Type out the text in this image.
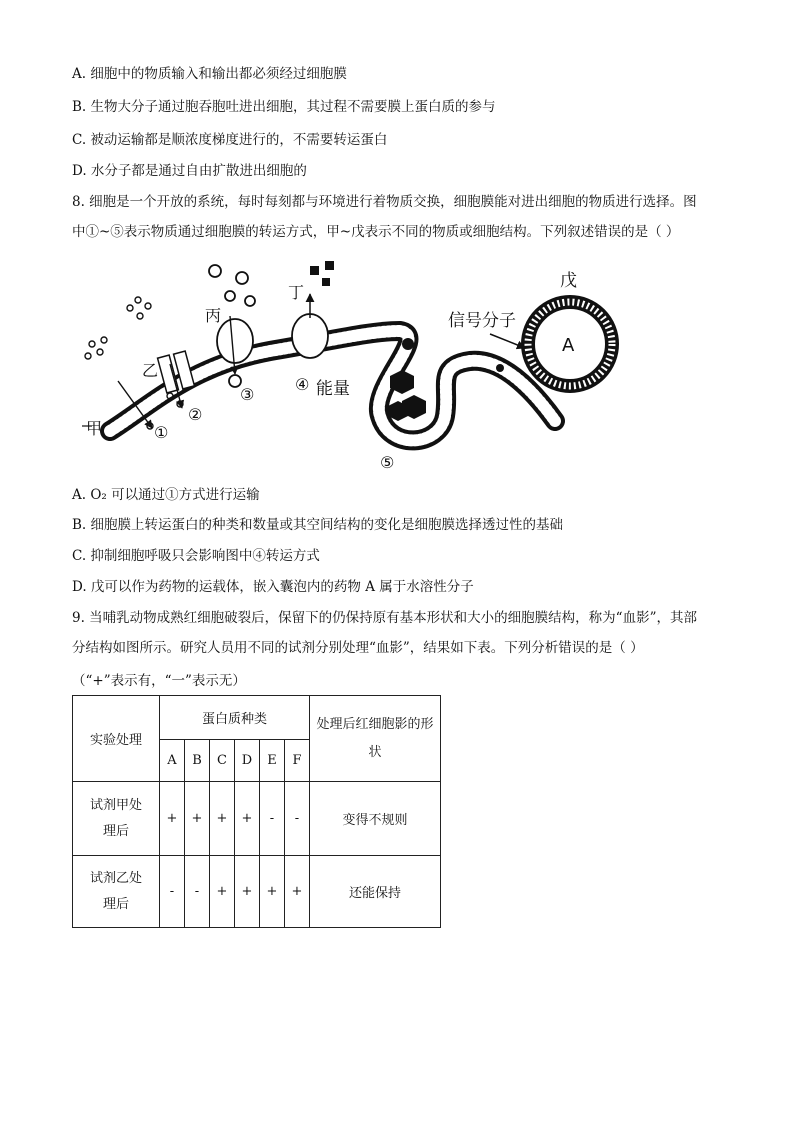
A. 细胞中的物质输入和输出都必须经过细胞膜
B. 生物大分子通过胞吞胞吐进出细胞，其过程不需要膜上蛋白质的参与
C. 被动运输都是顺浓度梯度进行的，不需要转运蛋白
D. 水分子都是通过自由扩散进出细胞的
8. 细胞是一个开放的系统，每时每刻都与环境进行着物质交换，细胞膜能对进出细胞的物质进行选择。图
中①~⑤表示物质通过细胞膜的转运方式，甲~戊表示不同的物质或细胞结构。下列叙述错误的是（ ）
A
戊
信号分子
乙
丙
丁
甲	①
②
③
④ 能量
⑤
A. O₂ 可以通过①方式进行运输
B. 细胞膜上转运蛋白的种类和数量或其空间结构的变化是细胞膜选择透过性的基础
C. 抑制细胞呼吸只会影响图中④转运方式
D. 戊可以作为药物的运载体，嵌入囊泡内的药物 A 属于水溶性分子
9. 当哺乳动物成熟红细胞破裂后，保留下的仍保持原有基本形状和大小的细胞膜结构，称为“血影”，其部
分结构如图所示。研究人员用不同的试剂分别处理“血影”，结果如下表。下列分析错误的是（ ）
（“+”表示有，“一”表示无）
实验处理	蛋白质种类						处理后红细胞影的形状
	A	B	C	D	E	F	
试剂甲处理后	+	+	+	+	-	-	变得不规则
试剂乙处理后	-	-	+	+	+	+	还能保持
